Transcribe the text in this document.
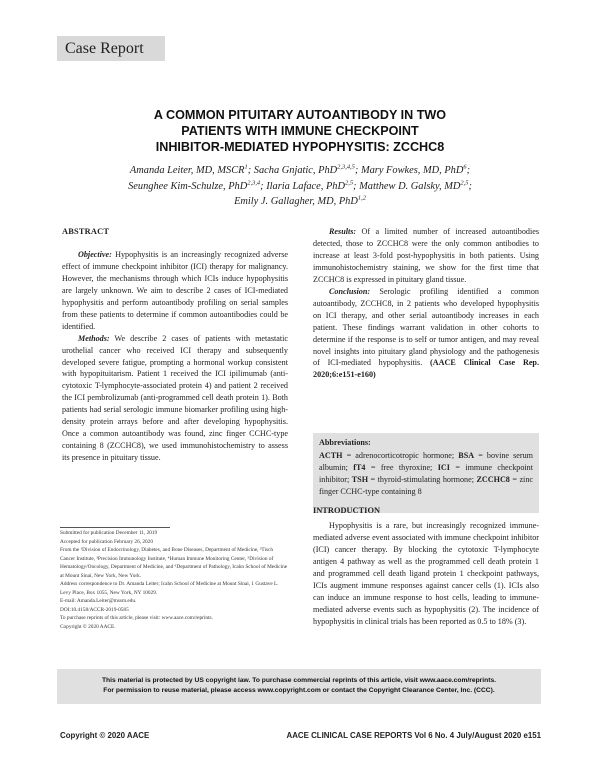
Case Report
A COMMON PITUITARY AUTOANTIBODY IN TWO
PATIENTS WITH IMMUNE CHECKPOINT
INHIBITOR-MEDIATED HYPOPHYSITIS: ZCCHC8
Amanda Leiter, MD, MSCR$^1$; Sacha Gnjatic, PhD$^{2,3,4,5}$; Mary Fowkes, MD, PhD$^6$;
Seunghee Kim-Schulze, PhD$^{2,3,4}$; Ilaria Laface, PhD$^{2,5}$; Matthew D. Galsky, MD$^{2,5}$;
Emily J. Gallagher, MD, PhD$^{1,2}$
ABSTRACT

Objective: Hypophysitis is an increasingly recognized adverse effect of immune checkpoint inhibitor (ICI) therapy for malignancy. However, the mechanisms through which ICIs induce hypophysitis are largely unknown. We aim to describe 2 cases of ICI-mediated hypophysitis and perform autoantibody profiling on serial samples from these patients to determine if common autoantibodies could be identified.

Methods: We describe 2 cases of patients with metastatic urothelial cancer who received ICI therapy and subsequently developed severe fatigue, prompting a hormonal workup consistent with hypopituitarism. Patient 1 received the ICI ipilimumab (anti-cytotoxic T-lymphocyte-associated protein 4) and patient 2 received the ICI pembrolizumab (anti-programmed cell death protein 1). Both patients had serial serologic immune biomarker profiling using high-density protein arrays before and after developing hypophysitis. Once a common autoantibody was found, zinc finger CCHC-type containing 8 (ZCCHC8), we used immunohistochemistry to assess its presence in pituitary tissue.

Results: Of a limited number of increased autoantibodies detected, those to ZCCHC8 were the only common antibodies to increase at least 3-fold post-hypophysitis in both patients. Using immunohistochemistry staining, we show for the first time that ZCCHC8 is expressed in pituitary gland tissue.

Conclusion: Serologic profiling identified a common autoantibody, ZCCHC8, in 2 patients who developed hypophysitis on ICI therapy, and other serial autoantibody increases in each patient. These findings warrant validation in other cohorts to determine if the response is to self or tumor antigen, and may reveal novel insights into pituitary gland physiology and the pathogenesis of ICI-mediated hypophysitis. (AACE Clinical Case Rep. 2020;6:e151-e160)

Abbreviations:
ACTH = adrenocorticotropic hormone; BSA = bovine serum albumin; fT4 = free thyroxine; ICI = immune checkpoint inhibitor; TSH = thyroid-stimulating hormone; ZCCHC8 = zinc finger CCHC-type containing 8
Submitted for publication December 11, 2019
Accepted for publication February 26, 2020
From the ¹Division of Endocrinology, Diabetes, and Bone Diseases, Department of Medicine, ²Tisch Cancer Institute, ³Precision Immunology Institute, ⁴Human Immune Monitoring Center, ⁵Division of Hematology/Oncology, Department of Medicine, and ⁶Department of Pathology, Icahn School of Medicine at Mount Sinai, New York, New York.
Address correspondence to Dr. Amanda Leiter; Icahn School of Medicine at Mount Sinai, 1 Gustave L. Levy Place, Box 1055, New York, NY 10029.
E-mail: Amanda.Leiter@mssm.edu.
DOI:10.4158/ACCR-2019-0585
To purchase reprints of this article, please visit: www.aace.com/reprints.
Copyright © 2020 AACE.
INTRODUCTION

Hypophysitis is a rare, but increasingly recognized immune-mediated adverse event associated with immune checkpoint inhibitor (ICI) cancer therapy. By blocking the cytotoxic T-lymphocyte antigen 4 pathway as well as the programmed cell death protein 1 and programmed cell death ligand protein 1 checkpoint pathways, ICIs augment immune responses against cancer cells (1). ICIs also can induce an immune response to host cells, leading to immune-mediated adverse events such as hypophysitis (2). The incidence of hypophysitis in clinical trials has been reported as 0.5 to 18% (3).

This material is protected by US copyright law. To purchase commercial reprints of this article, visit www.aace.com/reprints.
For permission to reuse material, please access www.copyright.com or contact the Copyright Clearance Center, Inc. (CCC).
Copyright © 2020 AACE	AACE CLINICAL CASE REPORTS Vol 6 No. 4 July/August 2020 e151
